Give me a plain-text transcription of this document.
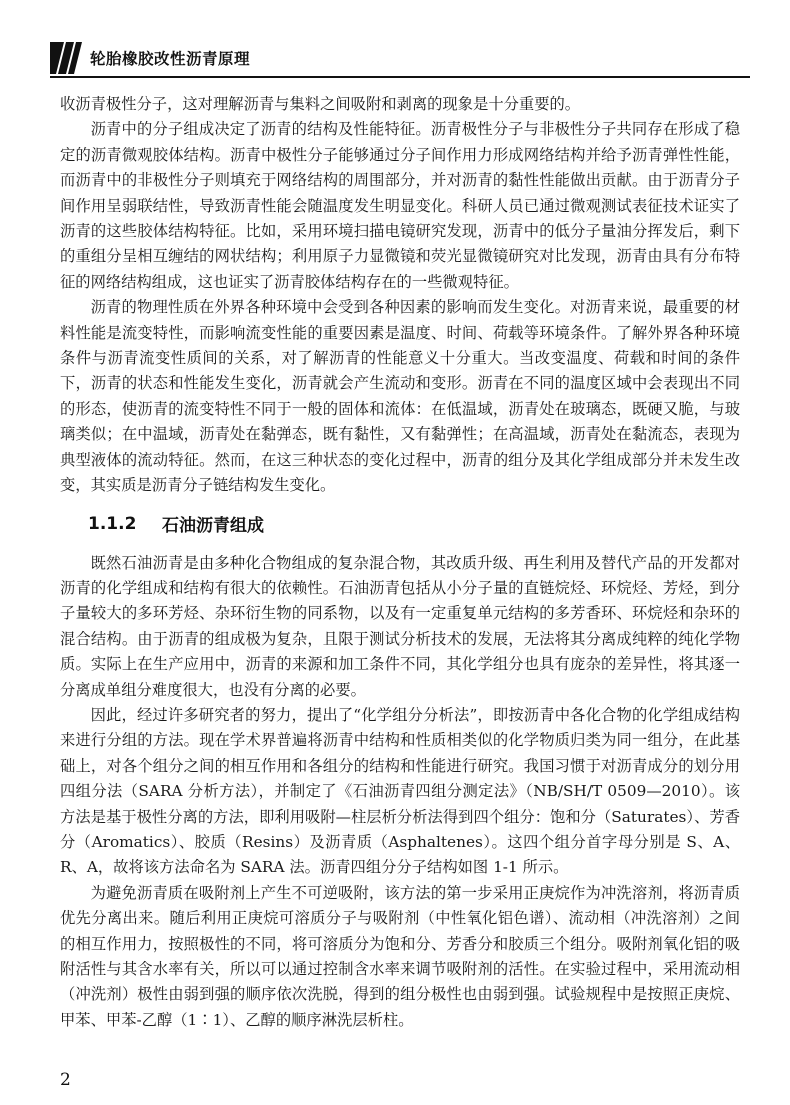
轮胎橡胶改性沥青原理

收沥青极性分子，这对理解沥青与集料之间吸附和剥离的现象是十分重要的。

沥青中的分子组成决定了沥青的结构及性能特征。沥青极性分子与非极性分子共同存在形成了稳定的沥青微观胶体结构。沥青中极性分子能够通过分子间作用力形成网络结构并给予沥青弹性性能，而沥青中的非极性分子则填充于网络结构的周围部分，并对沥青的黏性性能做出贡献。由于沥青分子间作用呈弱联结性，导致沥青性能会随温度发生明显变化。科研人员已通过微观测试表征技术证实了沥青的这些胶体结构特征。比如，采用环境扫描电镜研究发现，沥青中的低分子量油分挥发后，剩下的重组分呈相互缠结的网状结构；利用原子力显微镜和荧光显微镜研究对比发现，沥青由具有分布特征的网络结构组成，这也证实了沥青胶体结构存在的一些微观特征。

沥青的物理性质在外界各种环境中会受到各种因素的影响而发生变化。对沥青来说，最重要的材料性能是流变特性，而影响流变性能的重要因素是温度、时间、荷载等环境条件。了解外界各种环境条件与沥青流变性质间的关系，对了解沥青的性能意义十分重大。当改变温度、荷载和时间的条件下，沥青的状态和性能发生变化，沥青就会产生流动和变形。沥青在不同的温度区域中会表现出不同的形态，使沥青的流变特性不同于一般的固体和流体：在低温域，沥青处在玻璃态，既硬又脆，与玻璃类似；在中温域，沥青处在黏弹态，既有黏性，又有黏弹性；在高温域，沥青处在黏流态，表现为典型液体的流动特征。然而，在这三种状态的变化过程中，沥青的组分及其化学组成部分并未发生改变，其实质是沥青分子链结构发生变化。

1.1.2	石油沥青组成

既然石油沥青是由多种化合物组成的复杂混合物，其改质升级、再生利用及替代产品的开发都对沥青的化学组成和结构有很大的依赖性。石油沥青包括从小分子量的直链烷烃、环烷烃、芳烃，到分子量较大的多环芳烃、杂环衍生物的同系物，以及有一定重复单元结构的多芳香环、环烷烃和杂环的混合结构。由于沥青的组成极为复杂，且限于测试分析技术的发展，无法将其分离成纯粹的纯化学物质。实际上在生产应用中，沥青的来源和加工条件不同，其化学组分也具有庞杂的差异性，将其逐一分离成单组分难度很大，也没有分离的必要。

因此，经过许多研究者的努力，提出了“化学组分分析法”，即按沥青中各化合物的化学组成结构来进行分组的方法。现在学术界普遍将沥青中结构和性质相类似的化学物质归类为同一组分，在此基础上，对各个组分之间的相互作用和各组分的结构和性能进行研究。我国习惯于对沥青成分的划分用四组分法（SARA 分析方法），并制定了《石油沥青四组分测定法》（NB/SH/T 0509—2010）。该方法是基于极性分离的方法，即利用吸附—柱层析分析法得到四个组分：饱和分（Saturates）、芳香分（Aromatics）、胶质（Resins）及沥青质（Asphaltenes）。这四个组分首字母分别是 S、A、R、A，故将该方法命名为 SARA 法。沥青四组分分子结构如图 1-1 所示。

为避免沥青质在吸附剂上产生不可逆吸附，该方法的第一步采用正庚烷作为冲洗溶剂，将沥青质优先分离出来。随后利用正庚烷可溶质分子与吸附剂（中性氧化铝色谱）、流动相（冲洗溶剂）之间的相互作用力，按照极性的不同，将可溶质分为饱和分、芳香分和胶质三个组分。吸附剂氧化铝的吸附活性与其含水率有关，所以可以通过控制含水率来调节吸附剂的活性。在实验过程中，采用流动相（冲洗剂）极性由弱到强的顺序依次洗脱，得到的组分极性也由弱到强。试验规程中是按照正庚烷、甲苯、甲苯-乙醇（1∶1）、乙醇的顺序淋洗层析柱。

2
